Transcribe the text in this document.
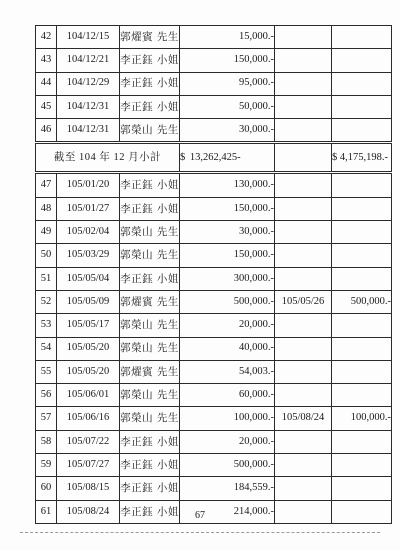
42	104/12/15	郭燿賓 先生	15,000.-		
43	104/12/21	李正鈺 小姐	150,000.-		
44	104/12/29	李正鈺 小姐	95,000.-		
45	104/12/31	李正鈺 小姐	50,000.-		
46	104/12/31	郭榮山 先生	30,000.-		
截至 104 年 12 月小計			$ 13,262,425-		$ 4,175,198.-
47	105/01/20	李正鈺 小姐	130,000.-		
48	105/01/27	李正鈺 小姐	150,000.-		
49	105/02/04	郭榮山 先生	30,000.-		
50	105/03/29	郭榮山 先生	150,000.-		
51	105/05/04	李正鈺 小姐	300,000.-		
52	105/05/09	郭燿賓 先生	500,000.-	105/05/26	500,000.-
53	105/05/17	郭榮山 先生	20,000.-		
54	105/05/20	郭榮山 先生	40,000.-		
55	105/05/20	郭燿賓 先生	54,003.-		
56	105/06/01	郭榮山 先生	60,000.-		
57	105/06/16	郭榮山 先生	100,000.-	105/08/24	100,000.-
58	105/07/22	李正鈺 小姐	20,000.-		
59	105/07/27	李正鈺 小姐	500,000.-		
60	105/08/15	李正鈺 小姐	184,559.-		
61	105/08/24	李正鈺 小姐	214,000.-		
67
